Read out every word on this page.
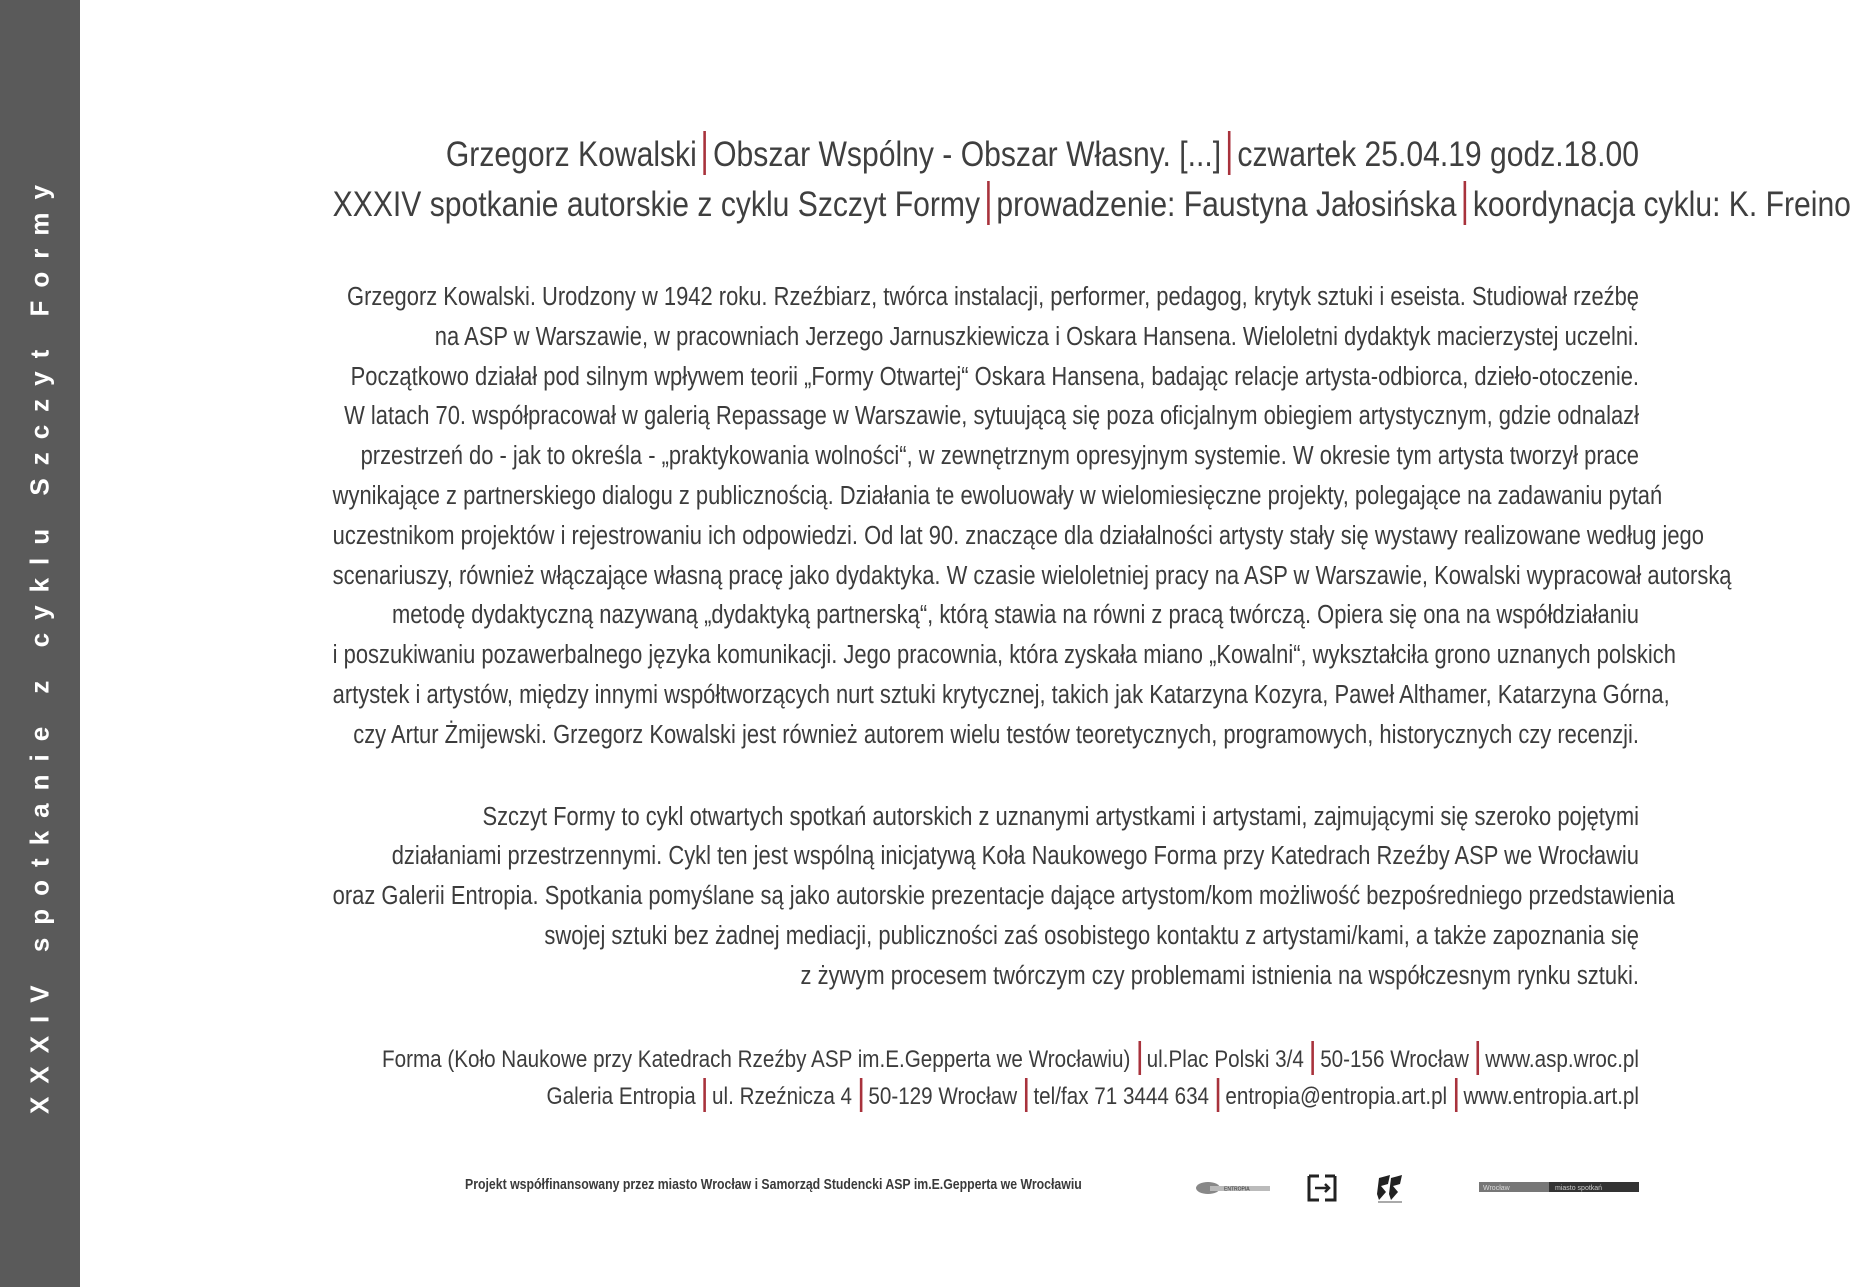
XXXIV spotkanie z cyklu Szczyt Formy
Grzegorz Kowalski Obszar Wspólny - Obszar Własny. [...] czwartek 25.04.19 godz.18.00
XXXIV spotkanie autorskie z cyklu Szczyt Formy prowadzenie: Faustyna Jałosińska koordynacja cyklu: K. Freino
Grzegorz Kowalski. Urodzony w 1942 roku. Rzeźbiarz, twórca instalacji, performer, pedagog, krytyk sztuki i eseista. Studiował rzeźbę
na ASP w Warszawie, w pracowniach Jerzego Jarnuszkiewicza i Oskara Hansena. Wieloletni dydaktyk macierzystej uczelni.
Początkowo działał pod silnym wpływem teorii „Formy Otwartej“ Oskara Hansena, badając relacje artysta-odbiorca, dzieło-otoczenie.
W latach 70. współpracował w galerią Repassage w Warszawie, sytuującą się poza oficjalnym obiegiem artystycznym, gdzie odnalazł
przestrzeń do - jak to określa - „praktykowania wolności“, w zewnętrznym opresyjnym systemie. W okresie tym artysta tworzył prace
wynikające z partnerskiego dialogu z publicznością. Działania te ewoluowały w wielomiesięczne projekty, polegające na zadawaniu pytań
uczestnikom projektów i rejestrowaniu ich odpowiedzi. Od lat 90. znaczące dla działalności artysty stały się wystawy realizowane według jego
scenariuszy, również włączające własną pracę jako dydaktyka. W czasie wieloletniej pracy na ASP w Warszawie, Kowalski wypracował autorską
metodę dydaktyczną nazywaną „dydaktyką partnerską“, którą stawia na równi z pracą twórczą. Opiera się ona na współdziałaniu
i poszukiwaniu pozawerbalnego języka komunikacji. Jego pracownia, która zyskała miano „Kowalni“, wykształciła grono uznanych polskich
artystek i artystów, między innymi współtworzących nurt sztuki krytycznej, takich jak Katarzyna Kozyra, Paweł Althamer, Katarzyna Górna,
czy Artur Żmijewski. Grzegorz Kowalski jest również autorem wielu testów teoretycznych, programowych, historycznych czy recenzji.
Szczyt Formy to cykl otwartych spotkań autorskich z uznanymi artystkami i artystami, zajmującymi się szeroko pojętymi
działaniami przestrzennymi. Cykl ten jest wspólną inicjatywą Koła Naukowego Forma przy Katedrach Rzeźby ASP we Wrocławiu
oraz Galerii Entropia. Spotkania pomyślane są jako autorskie prezentacje dające artystom/kom możliwość bezpośredniego przedstawienia
swojej sztuki bez żadnej mediacji, publiczności zaś osobistego kontaktu z artystami/kami, a także zapoznania się
z żywym procesem twórczym czy problemami istnienia na współczesnym rynku sztuki.
Forma (Koło Naukowe przy Katedrach Rzeźby ASP im.E.Gepperta we Wrocławiu) ul.Plac Polski 3/4 50-156 Wrocław www.asp.wroc.pl
Galeria Entropia ul. Rzeźnicza 4 50-129 Wrocław tel/fax 71 3444 634 entropia@entropia.art.pl www.entropia.art.pl
Projekt współfinansowany przez miasto Wrocław i Samorząd Studencki ASP im.E.Gepperta we Wrocławiu	ENTROPIA	Wrocław	miasto spotkań
